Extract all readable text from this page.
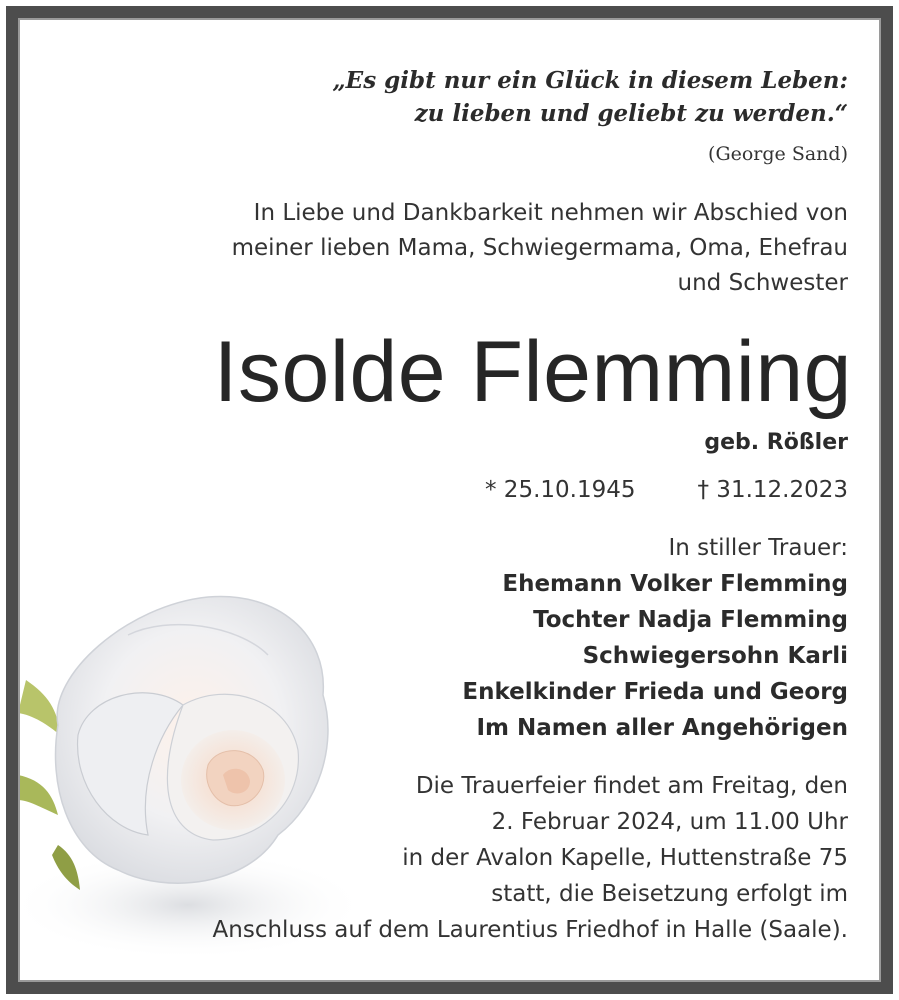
„Es gibt nur ein Glück in diesem Leben:
zu lieben und geliebt zu werden.“
(George Sand)
In Liebe und Dankbarkeit nehmen wir Abschied von
meiner lieben Mama, Schwiegermama, Oma, Ehefrau
und Schwester
Isolde Flemming
geb. Rößler
* 25.10.1945	† 31.12.2023
In stiller Trauer:
Ehemann Volker Flemming
Tochter Nadja Flemming
Schwiegersohn Karli
Enkelkinder Frieda und Georg
Im Namen aller Angehörigen
Die Trauerfeier findet am Freitag, den
2. Februar 2024, um 11.00 Uhr
in der Avalon Kapelle, Huttenstraße 75
statt, die Beisetzung erfolgt im
Anschluss auf dem Laurentius Friedhof in Halle (Saale).
